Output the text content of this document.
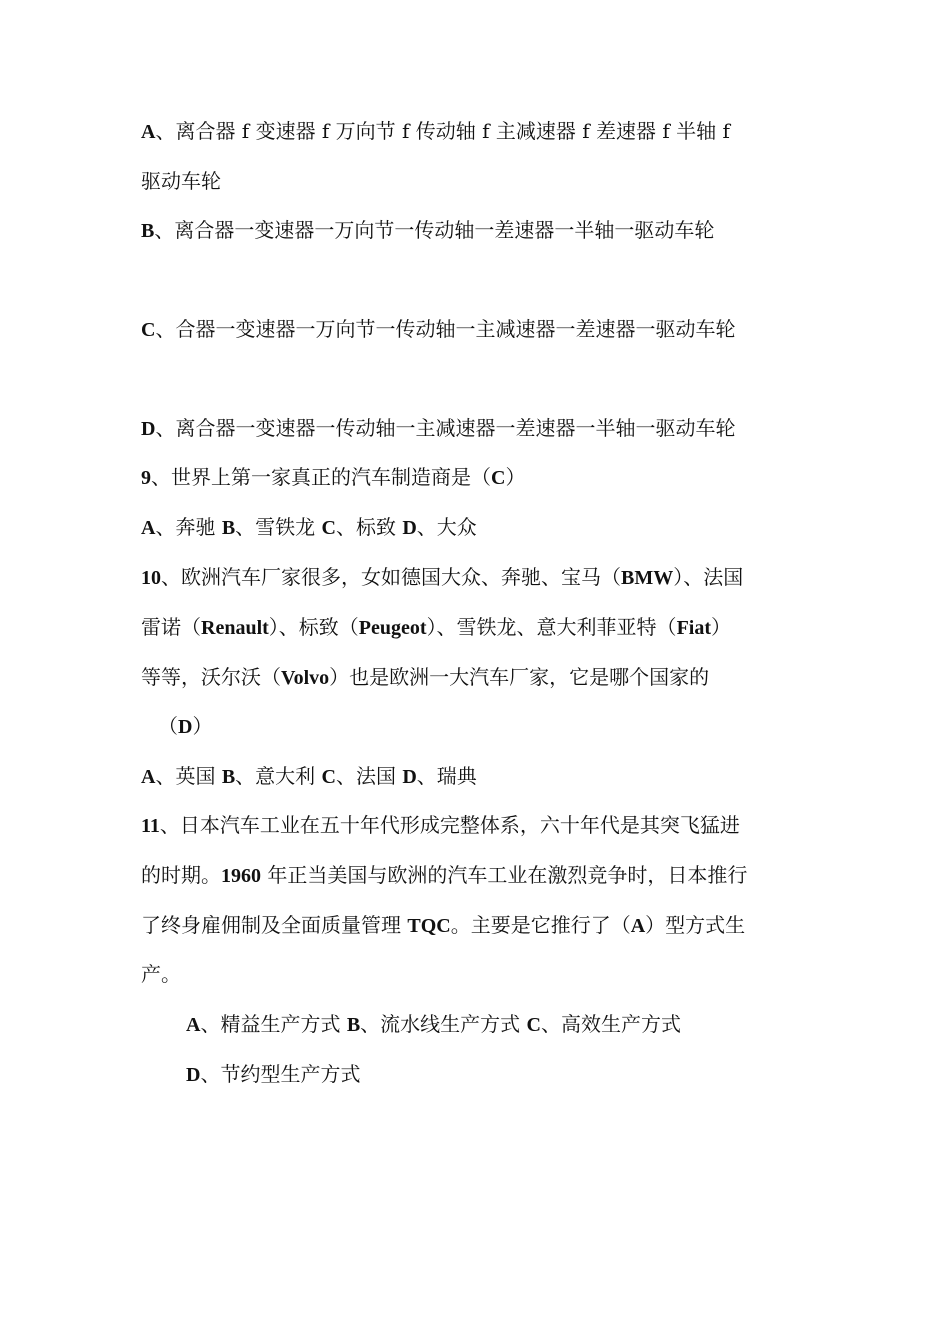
A、离合器 f 变速器 f 万向节 f 传动轴 f 主减速器 f 差速器 f 半轴 f

驱动车轮

B、离合器一变速器一万向节一传动轴一差速器一半轴一驱动车轮

C、合器一变速器一万向节一传动轴一主减速器一差速器一驱动车轮

D、离合器一变速器一传动轴一主减速器一差速器一半轴一驱动车轮

9、世界上第一家真正的汽车制造商是（C）

A、奔驰 B、雪铁龙 C、标致 D、大众

10、欧洲汽车厂家很多，女如德国大众、奔驰、宝马（BMW）、法国

雷诺（Renault）、标致（Peugeot）、雪铁龙、意大利菲亚特（Fiat）

等等，沃尔沃（Volvo）也是欧洲一大汽车厂家，它是哪个国家的

（D）

A、英国 B、意大利 C、法国 D、瑞典

11、日本汽车工业在五十年代形成完整体系，六十年代是其突飞猛进

的时期。1960 年正当美国与欧洲的汽车工业在激烈竞争时，日本推行

了终身雇佣制及全面质量管理 TQC。主要是它推行了（A）型方式生

产。

A、精益生产方式 B、流水线生产方式 C、高效生产方式

D、节约型生产方式
